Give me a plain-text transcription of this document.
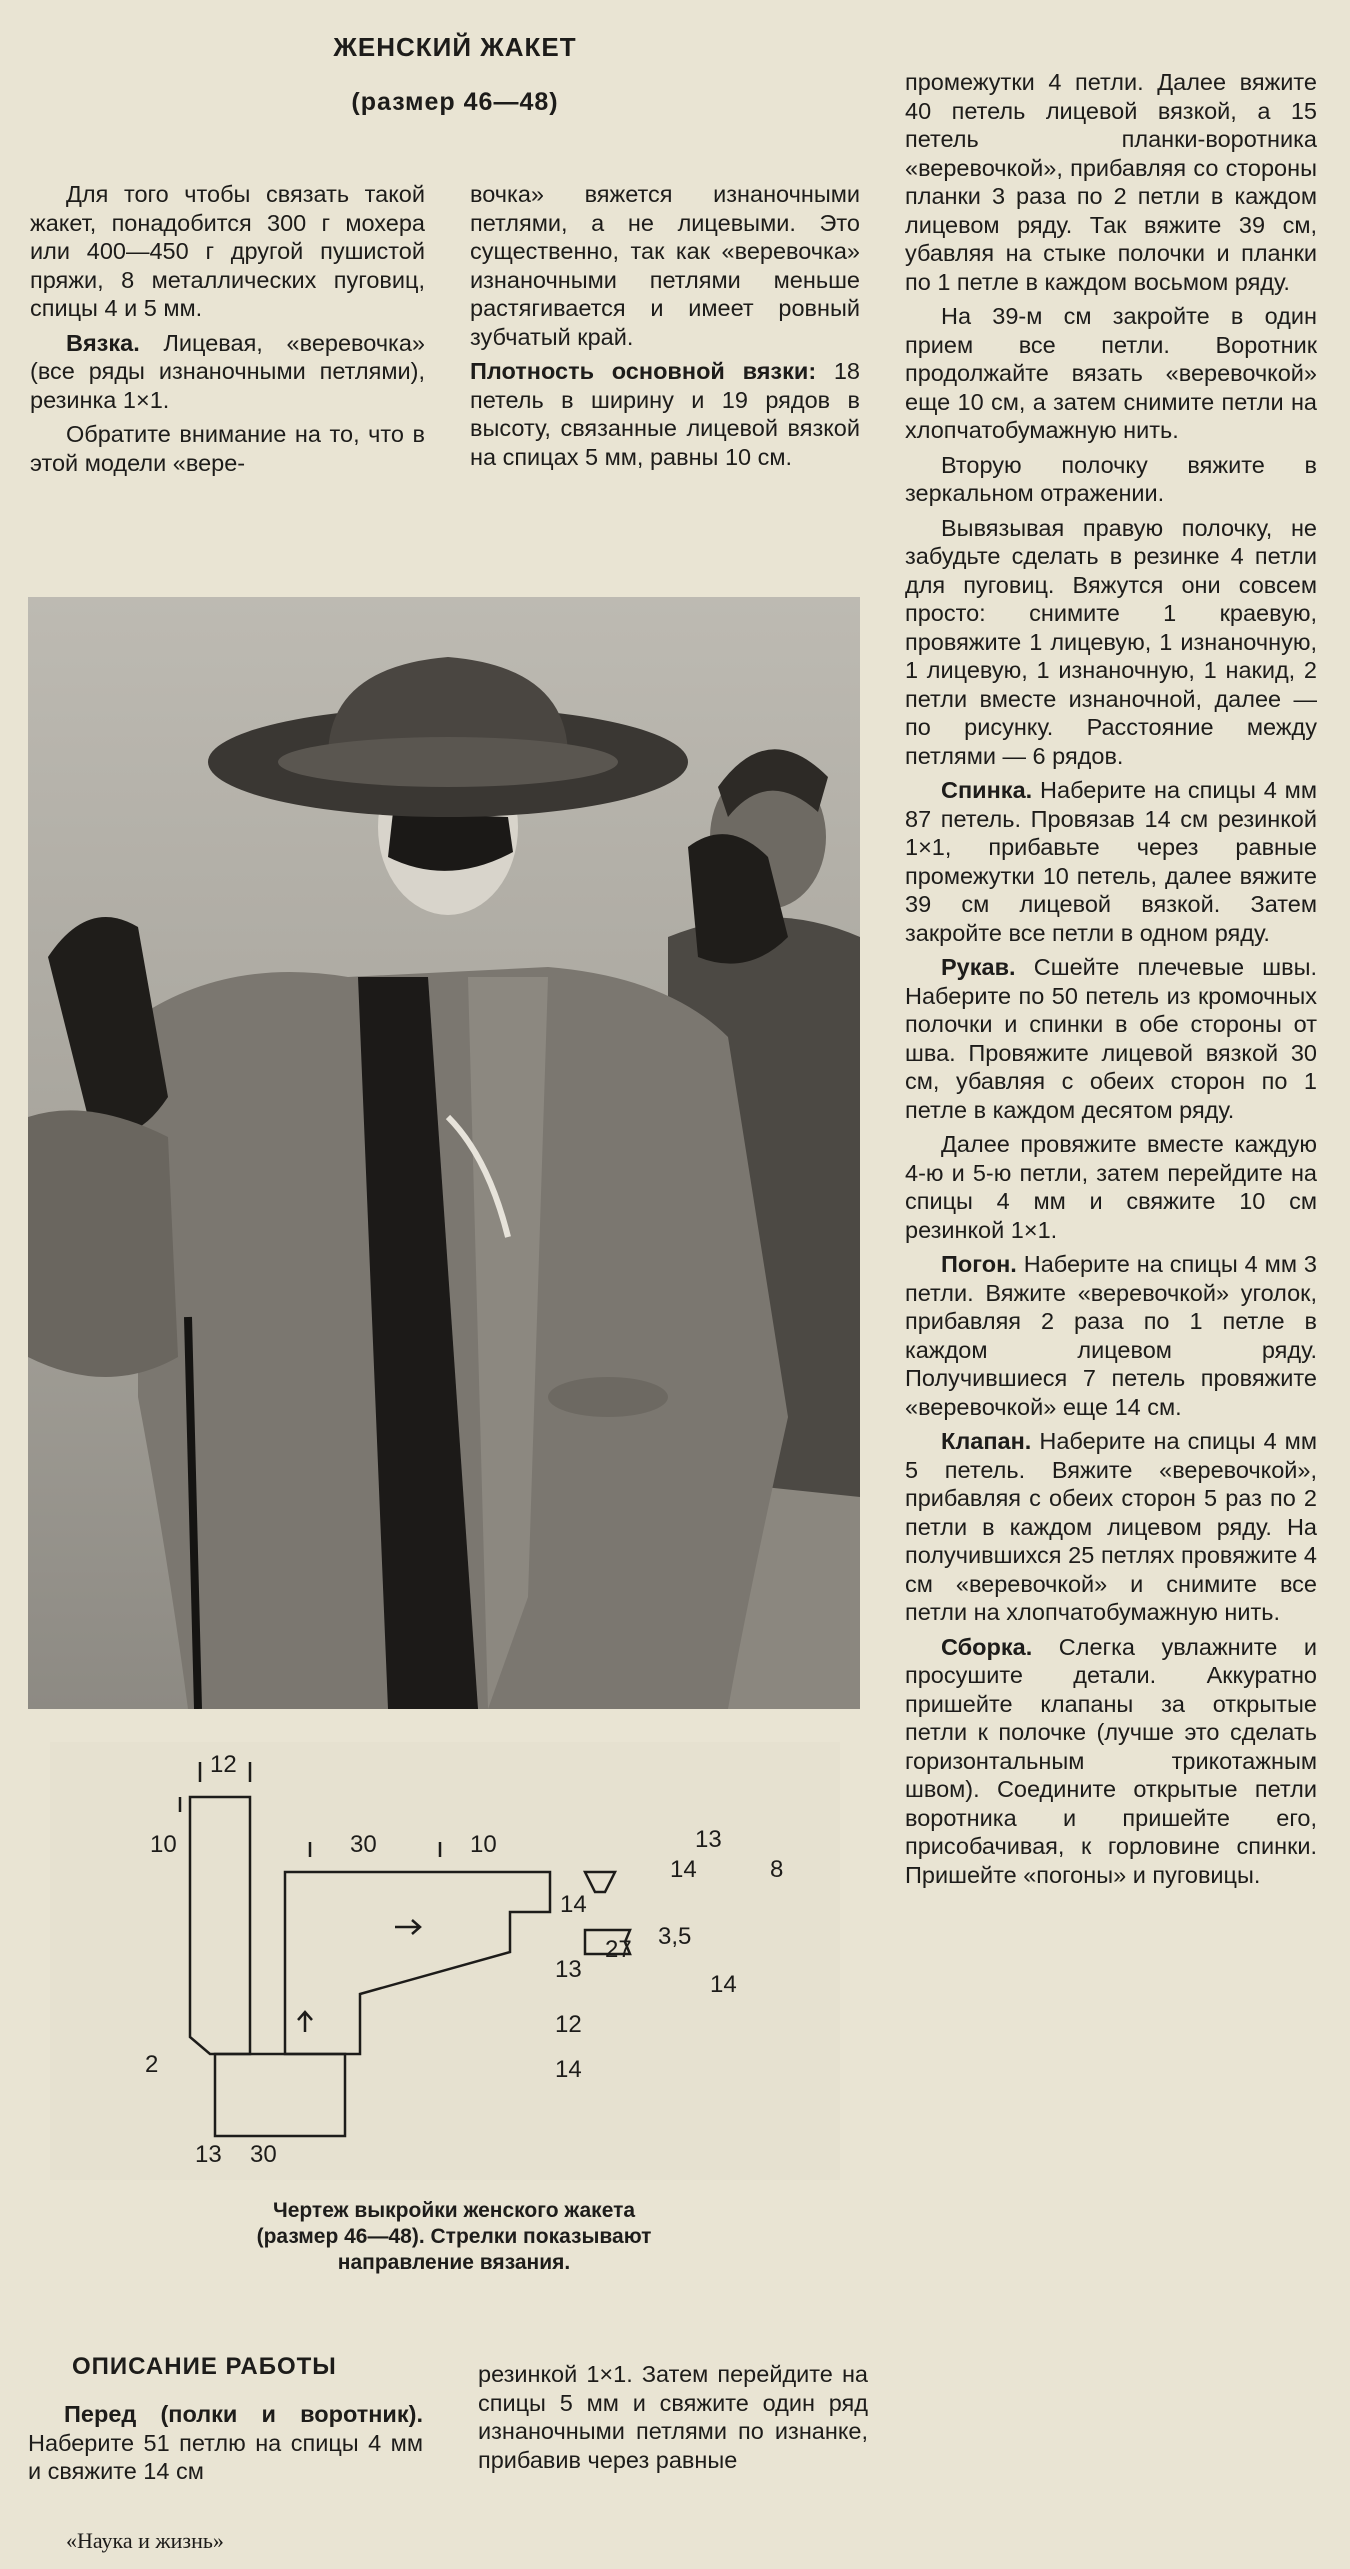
ЖЕНСКИЙ ЖАКЕТ
(размер 46—48)

Для того чтобы связать такой жакет, понадобится 300 г мохера или 400—450 г другой пушистой пряжи, 8 металлических пуговиц, спицы 4 и 5 мм.

Вязка. Лицевая, «веревочка» (все ряды изнаночными петлями), резинка 1×1.

Обратите внимание на то, что в этой модели «вере-

вочка» вяжется изнаночными петлями, а не лицевыми. Это существенно, так как «веревочка» изнаночными петлями меньше растягивается и имеет ровный зубчатый край.

Плотность основной вязки: 18 петель в ширину и 19 рядов в высоту, связанные лицевой вязкой на спицах 5 мм, равны 10 см.

промежутки 4 петли. Далее вяжите 40 петель лицевой вязкой, а 15 петель планки-воротника «веревочкой», прибавляя со стороны планки 3 раза по 2 петли в каждом лицевом ряду. Так вяжите 39 см, убавляя на стыке полочки и планки по 1 петле в каждом восьмом ряду.

На 39-м см закройте в один прием все петли. Воротник продолжайте вязать «веревочкой» еще 10 см, а затем снимите петли на хлопчатобумажную нить.

Вторую полочку вяжите в зеркальном отражении.

Вывязывая правую полочку, не забудьте сделать в резинке 4 петли для пуговиц. Вяжутся они совсем просто: снимите 1 краевую, провяжите 1 лицевую, 1 изнаночную, 1 лицевую, 1 изнаночную, 1 накид, 2 петли вместе изнаночной, далее — по рисунку. Расстояние между петлями — 6 рядов.

Спинка. Наберите на спицы 4 мм 87 петель. Провязав 14 см резинкой 1×1, прибавьте через равные промежутки 10 петель, далее вяжите 39 см лицевой вязкой. Затем закройте все петли в одном ряду.

Рукав. Сшейте плечевые швы. Наберите по 50 петель из кромочных полочки и спинки в обе стороны от шва. Провяжите лицевой вязкой 30 см, убавляя с обеих сторон по 1 петле в каждом десятом ряду.

Далее провяжите вместе каждую 4-ю и 5-ю петли, затем перейдите на спицы 4 мм и свяжите 10 см резинкой 1×1.

Погон. Наберите на спицы 4 мм 3 петли. Вяжите «веревочкой» уголок, прибавляя 2 раза по 1 петле в каждом лицевом ряду. Получившиеся 7 петель провяжите «веревочкой» еще 14 см.

Клапан. Наберите на спицы 4 мм 5 петель. Вяжите «веревочкой», прибавляя с обеих сторон 5 раз по 2 петли в каждом лицевом ряду. На получившихся 25 петлях провяжите 4 см «веревочкой» и снимите все петли на хлопчатобумажную нить.

Сборка. Слегка увлажните и просушите детали. Аккуратно пришейте клапаны за открытые петли к полочке (лучше это сделать горизонтальным трикотажным швом). Соедините открытые петли воротника и пришейте его, присобачивая, к горловине спинки. Пришейте «погоны» и пуговицы.

12
10	30	10
14
27
13
12
14
2
30
13
13
8
14
3,5
14
Чертеж выкройки женского жакета (размер 46—48). Стрелки показывают направление вязания.
ОПИСАНИЕ РАБОТЫ

Перед (полки и воротник). Наберите 51 петлю на спицы 4 мм и свяжите 14 см

резинкой 1×1. Затем перейдите на спицы 5 мм и свяжите один ряд изнаночными петлями по изнанке, прибавив через равные

«Наука и жизнь»
